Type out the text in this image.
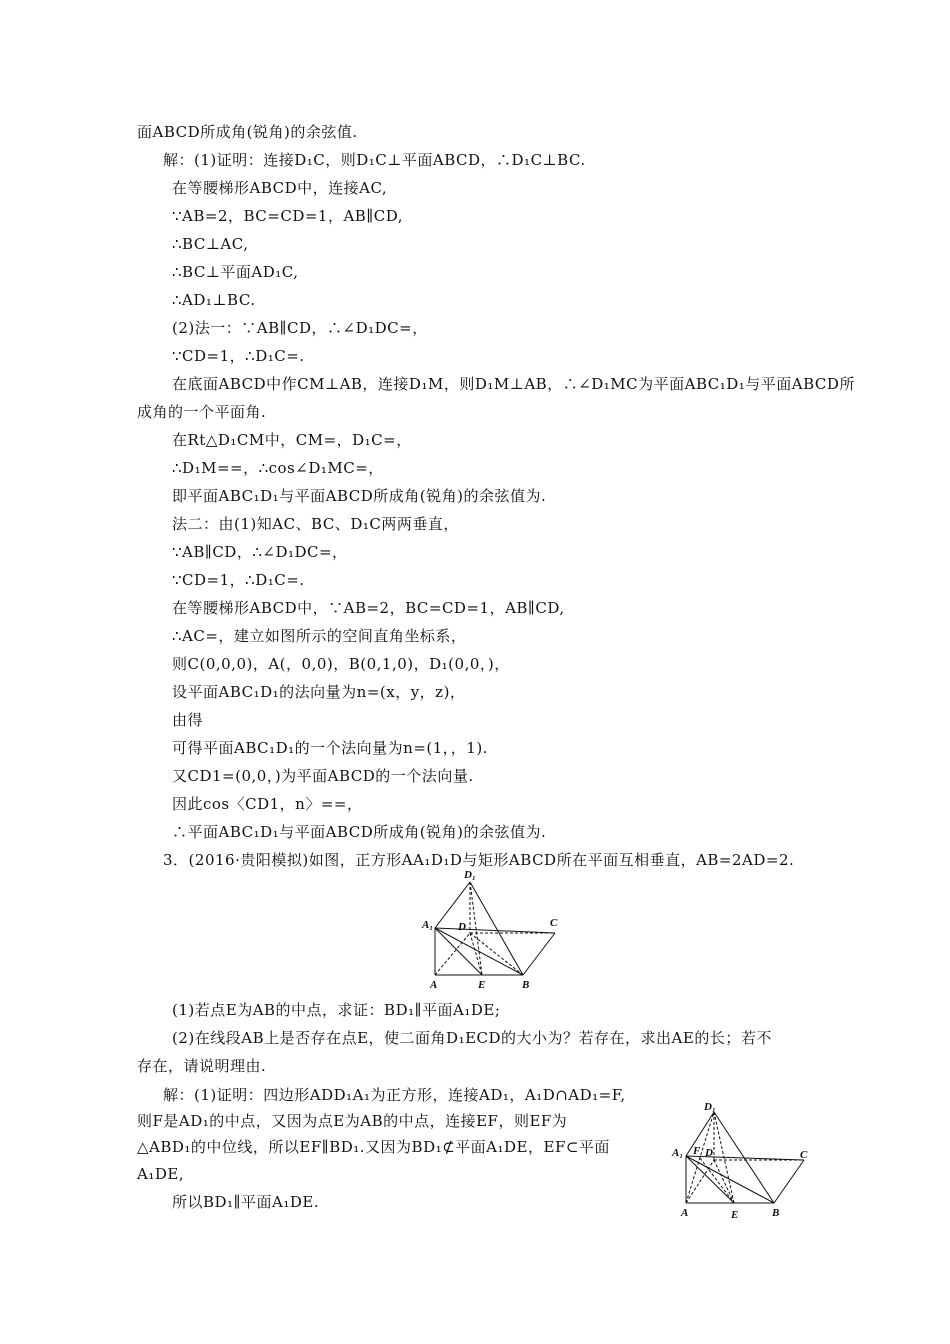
面ABCD所成角(锐角)的余弦值.
解：(1)证明：连接D₁C，则D₁C⊥平面ABCD，∴D₁C⊥BC.
在等腰梯形ABCD中，连接AC,
∵AB=2，BC=CD=1，AB∥CD,
∴BC⊥AC,
∴BC⊥平面AD₁C,
∴AD₁⊥BC.
(2)法一：∵AB∥CD，∴∠D₁DC=，
∵CD=1，∴D₁C=.
在底面ABCD中作CM⊥AB，连接D₁M，则D₁M⊥AB，∴∠D₁MC为平面ABC₁D₁与平面ABCD所
成角的一个平面角.
在Rt△D₁CM中，CM=，D₁C=，
∴D₁M==，∴cos∠D₁MC=，
即平面ABC₁D₁与平面ABCD所成角(锐角)的余弦值为.
法二：由(1)知AC、BC、D₁C两两垂直，
∵AB∥CD，∴∠D₁DC=，
∵CD=1，∴D₁C=.
在等腰梯形ABCD中，∵AB=2，BC=CD=1，AB∥CD,
∴AC=，建立如图所示的空间直角坐标系，
则C(0,0,0)，A(，0,0)，B(0,1,0)，D₁(0,0，)，
设平面ABC₁D₁的法向量为n=(x，y，z)，
由得
可得平面ABC₁D₁的一个法向量为n=(1，，1).
又CD1=(0,0，)为平面ABCD的一个法向量.
因此cos〈CD1，n〉==，
∴平面ABC₁D₁与平面ABCD所成角(锐角)的余弦值为.
3．(2016·贵阳模拟)如图，正方形AA₁D₁D与矩形ABCD所在平面互相垂直，AB=2AD=2.
(1)若点E为AB的中点，求证：BD₁∥平面A₁DE;
(2)在线段AB上是否存在点E，使二面角D₁ECD的大小为？若存在，求出AE的长；若不
存在，请说明理由.
解：(1)证明：四边形ADD₁A₁为正方形，连接AD₁，A₁D∩AD₁=F,
则F是AD₁的中点，又因为点E为AB的中点，连接EF，则EF为
△ABD₁的中位线，所以EF∥BD₁.又因为BD₁⊄平面A₁DE，EF⊂平面
A₁DE,
所以BD₁∥平面A₁DE.
D₁
A₁ D	C
A	E	B
D₁
A₁ F D	C
A	E	B
